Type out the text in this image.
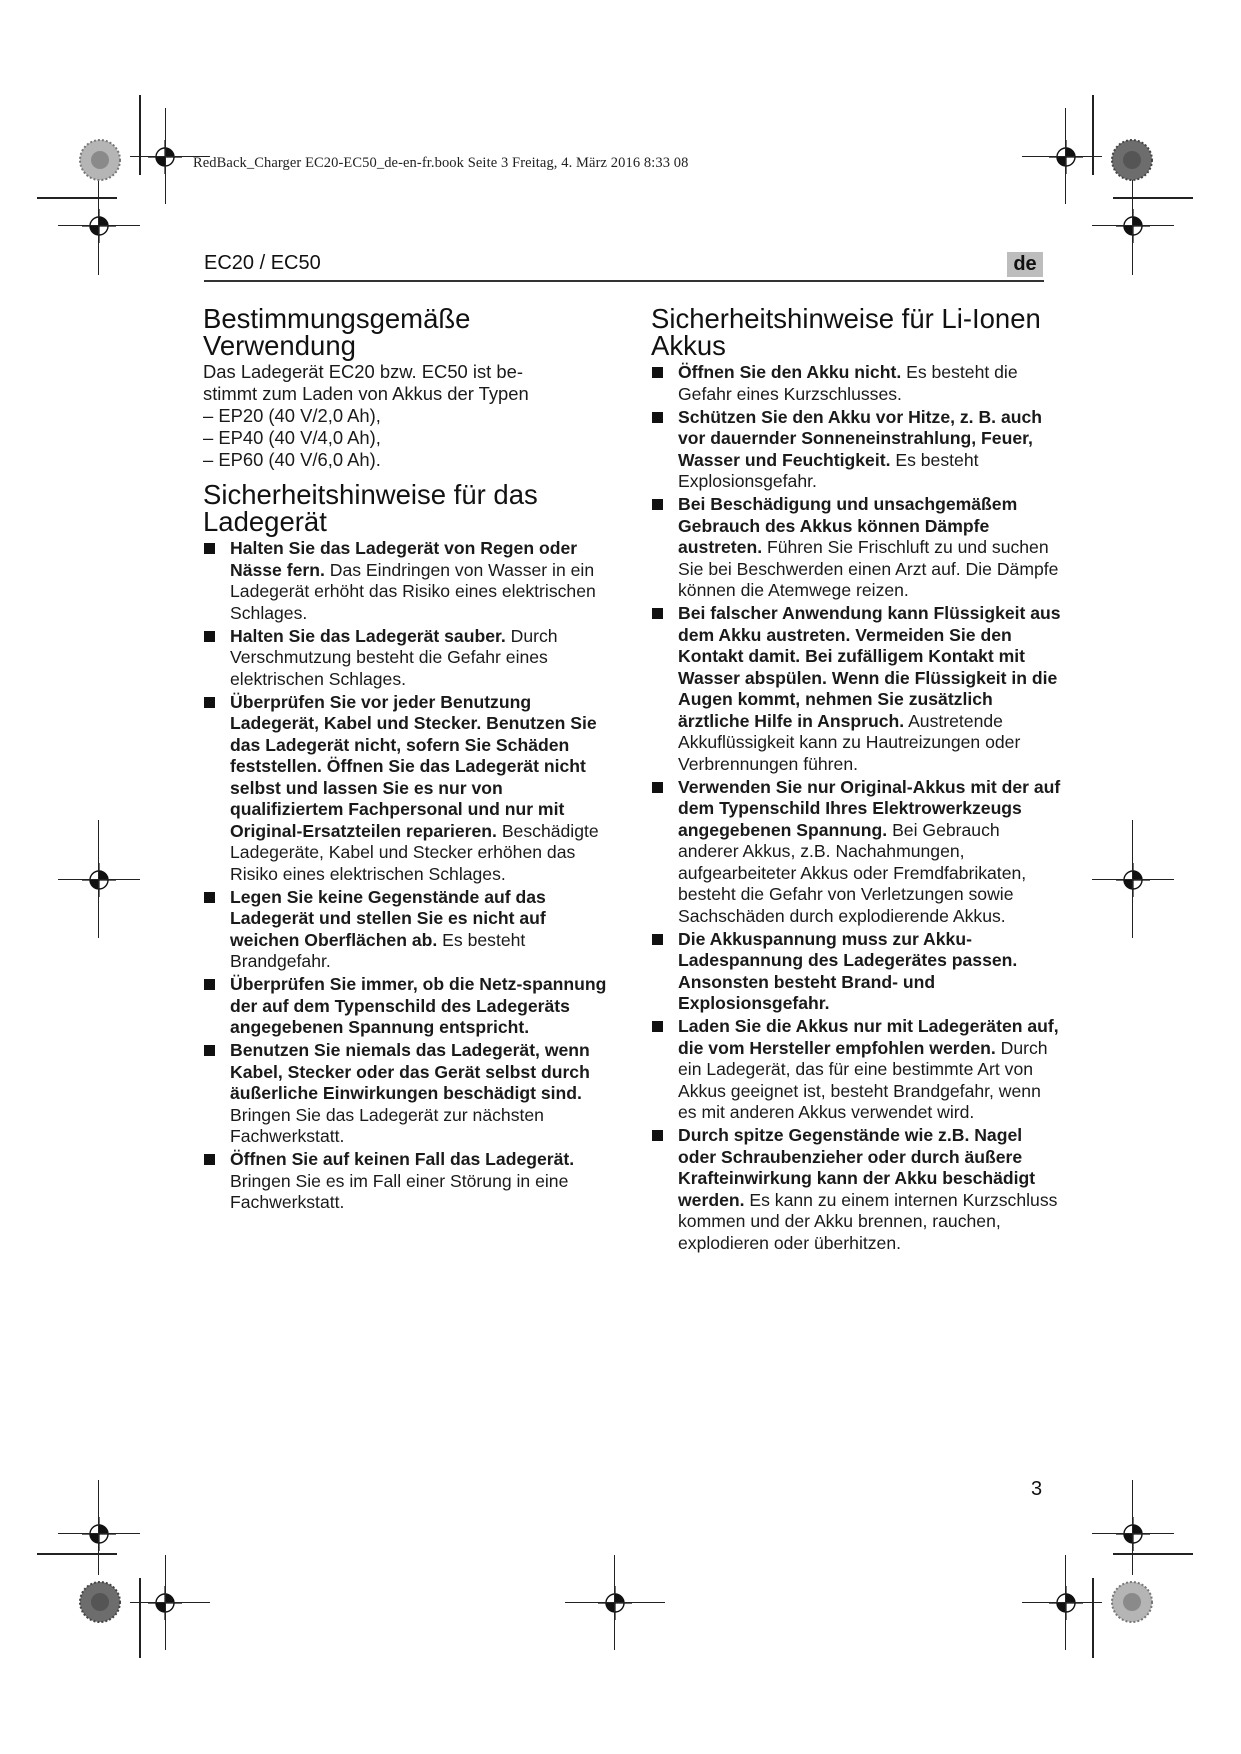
RedBack_Charger EC20-EC50_de-en-fr.book Seite 3 Freitag, 4. März 2016 8:33 08
EC20 / EC50	de
Bestimmungsgemäße
Verwendung

Das Ladegerät EC20 bzw. EC50 ist be-
stimmt zum Laden von Akkus der Typen
– EP20 (40 V/2,0 Ah),
– EP40 (40 V/4,0 Ah),
– EP60 (40 V/6,0 Ah).

Sicherheitshinweise für das
Ladegerät
Halten Sie das Ladegerät von Regen oder Nässe fern. Das Eindringen von Wasser in ein Ladegerät erhöht das Risiko eines elektrischen Schlages.
Halten Sie das Ladegerät sauber. Durch Verschmutzung besteht die Gefahr eines elektrischen Schlages.
Überprüfen Sie vor jeder Benutzung Ladegerät, Kabel und Stecker. Benutzen Sie das Ladegerät nicht, sofern Sie Schäden feststellen. Öffnen Sie das Ladegerät nicht selbst und lassen Sie es nur von qualifiziertem Fachpersonal und nur mit Original-Ersatzteilen reparieren. Beschädigte Ladegeräte, Kabel und Stecker erhöhen das Risiko eines elektrischen Schlages.
Legen Sie keine Gegenstände auf das Ladegerät und stellen Sie es nicht auf weichen Oberflächen ab. Es besteht Brandgefahr.
Überprüfen Sie immer, ob die Netz-spannung der auf dem Typenschild des Ladegeräts angegebenen Spannung entspricht.
Benutzen Sie niemals das Ladegerät, wenn Kabel, Stecker oder das Gerät selbst durch äußerliche Einwirkungen beschädigt sind. Bringen Sie das Ladegerät zur nächsten Fachwerkstatt.
Öffnen Sie auf keinen Fall das Ladegerät. Bringen Sie es im Fall einer Störung in eine Fachwerkstatt.
Sicherheitshinweise für Li-Ionen
Akkus
Öffnen Sie den Akku nicht. Es besteht die Gefahr eines Kurzschlusses.
Schützen Sie den Akku vor Hitze, z. B. auch vor dauernder Sonneneinstrahlung, Feuer, Wasser und Feuchtigkeit. Es besteht Explosionsgefahr.
Bei Beschädigung und unsachgemäßem Gebrauch des Akkus können Dämpfe austreten. Führen Sie Frischluft zu und suchen Sie bei Beschwerden einen Arzt auf. Die Dämpfe können die Atemwege reizen.
Bei falscher Anwendung kann Flüssigkeit aus dem Akku austreten. Vermeiden Sie den Kontakt damit. Bei zufälligem Kontakt mit Wasser abspülen. Wenn die Flüssigkeit in die Augen kommt, nehmen Sie zusätzlich ärztliche Hilfe in Anspruch. Austretende Akkuflüssigkeit kann zu Hautreizungen oder Verbrennungen führen.
Verwenden Sie nur Original-Akkus mit der auf dem Typenschild Ihres Elektrowerkzeugs angegebenen Spannung. Bei Gebrauch anderer Akkus, z.B. Nachahmungen, aufgearbeiteter Akkus oder Fremdfabrikaten, besteht die Gefahr von Verletzungen sowie Sachschäden durch explodierende Akkus.
Die Akkuspannung muss zur Akku-Ladespannung des Ladegerätes passen. Ansonsten besteht Brand- und Explosionsgefahr.
Laden Sie die Akkus nur mit Ladegeräten auf, die vom Hersteller empfohlen werden. Durch ein Ladegerät, das für eine bestimmte Art von Akkus geeignet ist, besteht Brandgefahr, wenn es mit anderen Akkus verwendet wird.
Durch spitze Gegenstände wie z.B. Nagel oder Schraubenzieher oder durch äußere Krafteinwirkung kann der Akku beschädigt werden. Es kann zu einem internen Kurzschluss kommen und der Akku brennen, rauchen, explodieren oder überhitzen.
3
